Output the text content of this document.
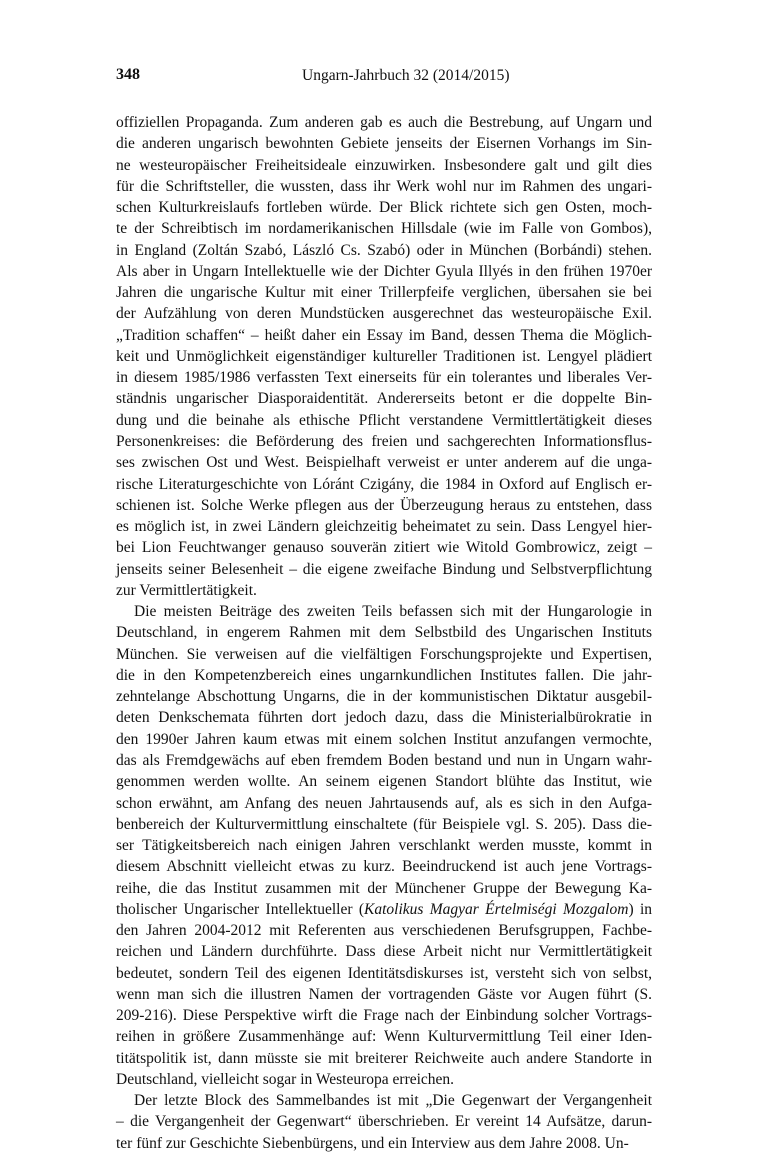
348	Ungarn-Jahrbuch 32 (2014/2015)
offiziellen Propaganda. Zum anderen gab es auch die Bestrebung, auf Ungarn und
die anderen ungarisch bewohnten Gebiete jenseits der Eisernen Vorhangs im Sin-
ne westeuropäischer Freiheitsideale einzuwirken. Insbesondere galt und gilt dies
für die Schriftsteller, die wussten, dass ihr Werk wohl nur im Rahmen des ungari-
schen Kulturkreislaufs fortleben würde. Der Blick richtete sich gen Osten, moch-
te der Schreibtisch im nordamerikanischen Hillsdale (wie im Falle von Gombos),
in England (Zoltán Szabó, László Cs. Szabó) oder in München (Borbándi) stehen.
Als aber in Ungarn Intellektuelle wie der Dichter Gyula Illyés in den frühen 1970er
Jahren die ungarische Kultur mit einer Trillerpfeife verglichen, übersahen sie bei
der Aufzählung von deren Mundstücken ausgerechnet das westeuropäische Exil.
„Tradition schaffen“ – heißt daher ein Essay im Band, dessen Thema die Möglich-
keit und Unmöglichkeit eigenständiger kultureller Traditionen ist. Lengyel plädiert
in diesem 1985/1986 verfassten Text einerseits für ein tolerantes und liberales Ver-
ständnis ungarischer Diasporaidentität. Andererseits betont er die doppelte Bin-
dung und die beinahe als ethische Pflicht verstandene Vermittlertätigkeit dieses
Personenkreises: die Beförderung des freien und sachgerechten Informationsflus-
ses zwischen Ost und West. Beispielhaft verweist er unter anderem auf die unga-
rische Literaturgeschichte von Lóránt Czigány, die 1984 in Oxford auf Englisch er-
schienen ist. Solche Werke pflegen aus der Überzeugung heraus zu entstehen, dass
es möglich ist, in zwei Ländern gleichzeitig beheimatet zu sein. Dass Lengyel hier-
bei Lion Feuchtwanger genauso souverän zitiert wie Witold Gombrowicz, zeigt –
jenseits seiner Belesenheit – die eigene zweifache Bindung und Selbstverpflichtung
zur Vermittlertätigkeit.
Die meisten Beiträge des zweiten Teils befassen sich mit der Hungarologie in
Deutschland, in engerem Rahmen mit dem Selbstbild des Ungarischen Instituts
München. Sie verweisen auf die vielfältigen Forschungsprojekte und Expertisen,
die in den Kompetenzbereich eines ungarnkundlichen Institutes fallen. Die jahr-
zehntelange Abschottung Ungarns, die in der kommunistischen Diktatur ausgebil-
deten Denkschemata führten dort jedoch dazu, dass die Ministerialbürokratie in
den 1990er Jahren kaum etwas mit einem solchen Institut anzufangen vermochte,
das als Fremdgewächs auf eben fremdem Boden bestand und nun in Ungarn wahr-
genommen werden wollte. An seinem eigenen Standort blühte das Institut, wie
schon erwähnt, am Anfang des neuen Jahrtausends auf, als es sich in den Aufga-
benbereich der Kulturvermittlung einschaltete (für Beispiele vgl. S. 205). Dass die-
ser Tätigkeitsbereich nach einigen Jahren verschlankt werden musste, kommt in
diesem Abschnitt vielleicht etwas zu kurz. Beeindruckend ist auch jene Vortrags-
reihe, die das Institut zusammen mit der Münchener Gruppe der Bewegung Ka-
tholischer Ungarischer Intellektueller (Katolikus Magyar Értelmiségi Mozgalom) in
den Jahren 2004-2012 mit Referenten aus verschiedenen Berufsgruppen, Fachbe-
reichen und Ländern durchführte. Dass diese Arbeit nicht nur Vermittlertätigkeit
bedeutet, sondern Teil des eigenen Identitätsdiskurses ist, versteht sich von selbst,
wenn man sich die illustren Namen der vortragenden Gäste vor Augen führt (S.
209-216). Diese Perspektive wirft die Frage nach der Einbindung solcher Vortrags-
reihen in größere Zusammenhänge auf: Wenn Kulturvermittlung Teil einer Iden-
titätspolitik ist, dann müsste sie mit breiterer Reichweite auch andere Standorte in
Deutschland, vielleicht sogar in Westeuropa erreichen.
Der letzte Block des Sammelbandes ist mit „Die Gegenwart der Vergangenheit
– die Vergangenheit der Gegenwart“ überschrieben. Er vereint 14 Aufsätze, darun-
ter fünf zur Geschichte Siebenbürgens, und ein Interview aus dem Jahre 2008. Un-
